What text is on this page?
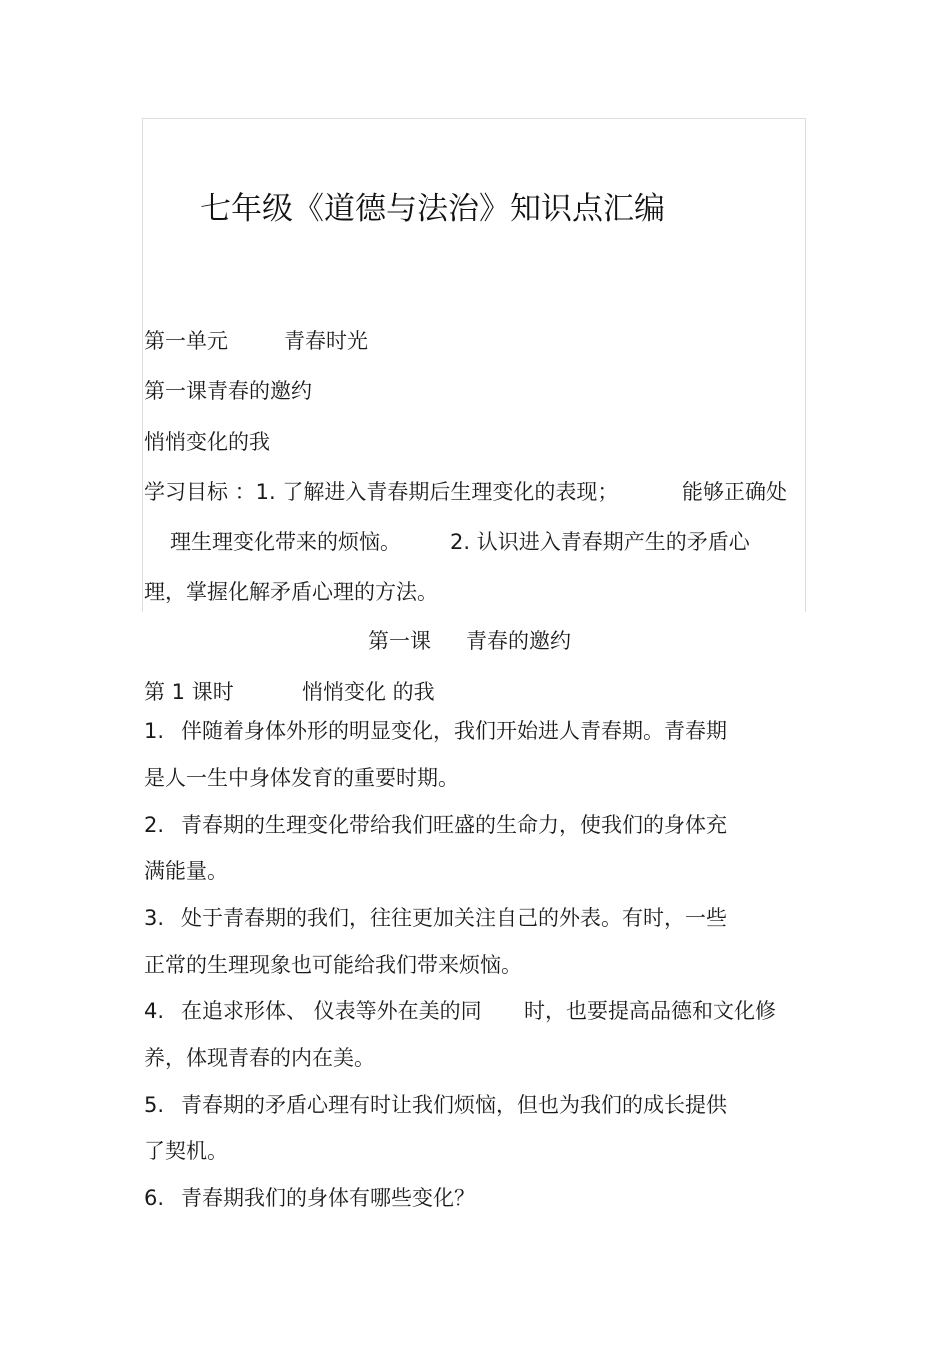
七年级《道德与法治》知识点汇编
第一单元	青春时光
第一课青春的邀约
悄悄变化的我
学习目标 ：1. 了解进入青春期后生理变化的表现；	能够正确处
理生理变化带来的烦恼。 2. 认识进入青春期产生的矛盾心
理，掌握化解矛盾心理的方法。
第一课 青春的邀约
第 1 课时	悄悄变化 的我
1. 伴随着身体外形的明显变化，我们开始进人青春期。青春期
是人一生中身体发育的重要时期。
2. 青春期的生理变化带给我们旺盛的生命力，使我们的身体充
满能量。
3. 处于青春期的我们，往往更加关注自己的外表。有时，一些
正常的生理现象也可能给我们带来烦恼。
4. 在追求形体、 仪表等外在美的同 时，也要提高品德和文化修
养，体现青春的内在美。
5. 青春期的矛盾心理有时让我们烦恼，但也为我们的成长提供
了契机。
6. 青春期我们的身体有哪些变化？
